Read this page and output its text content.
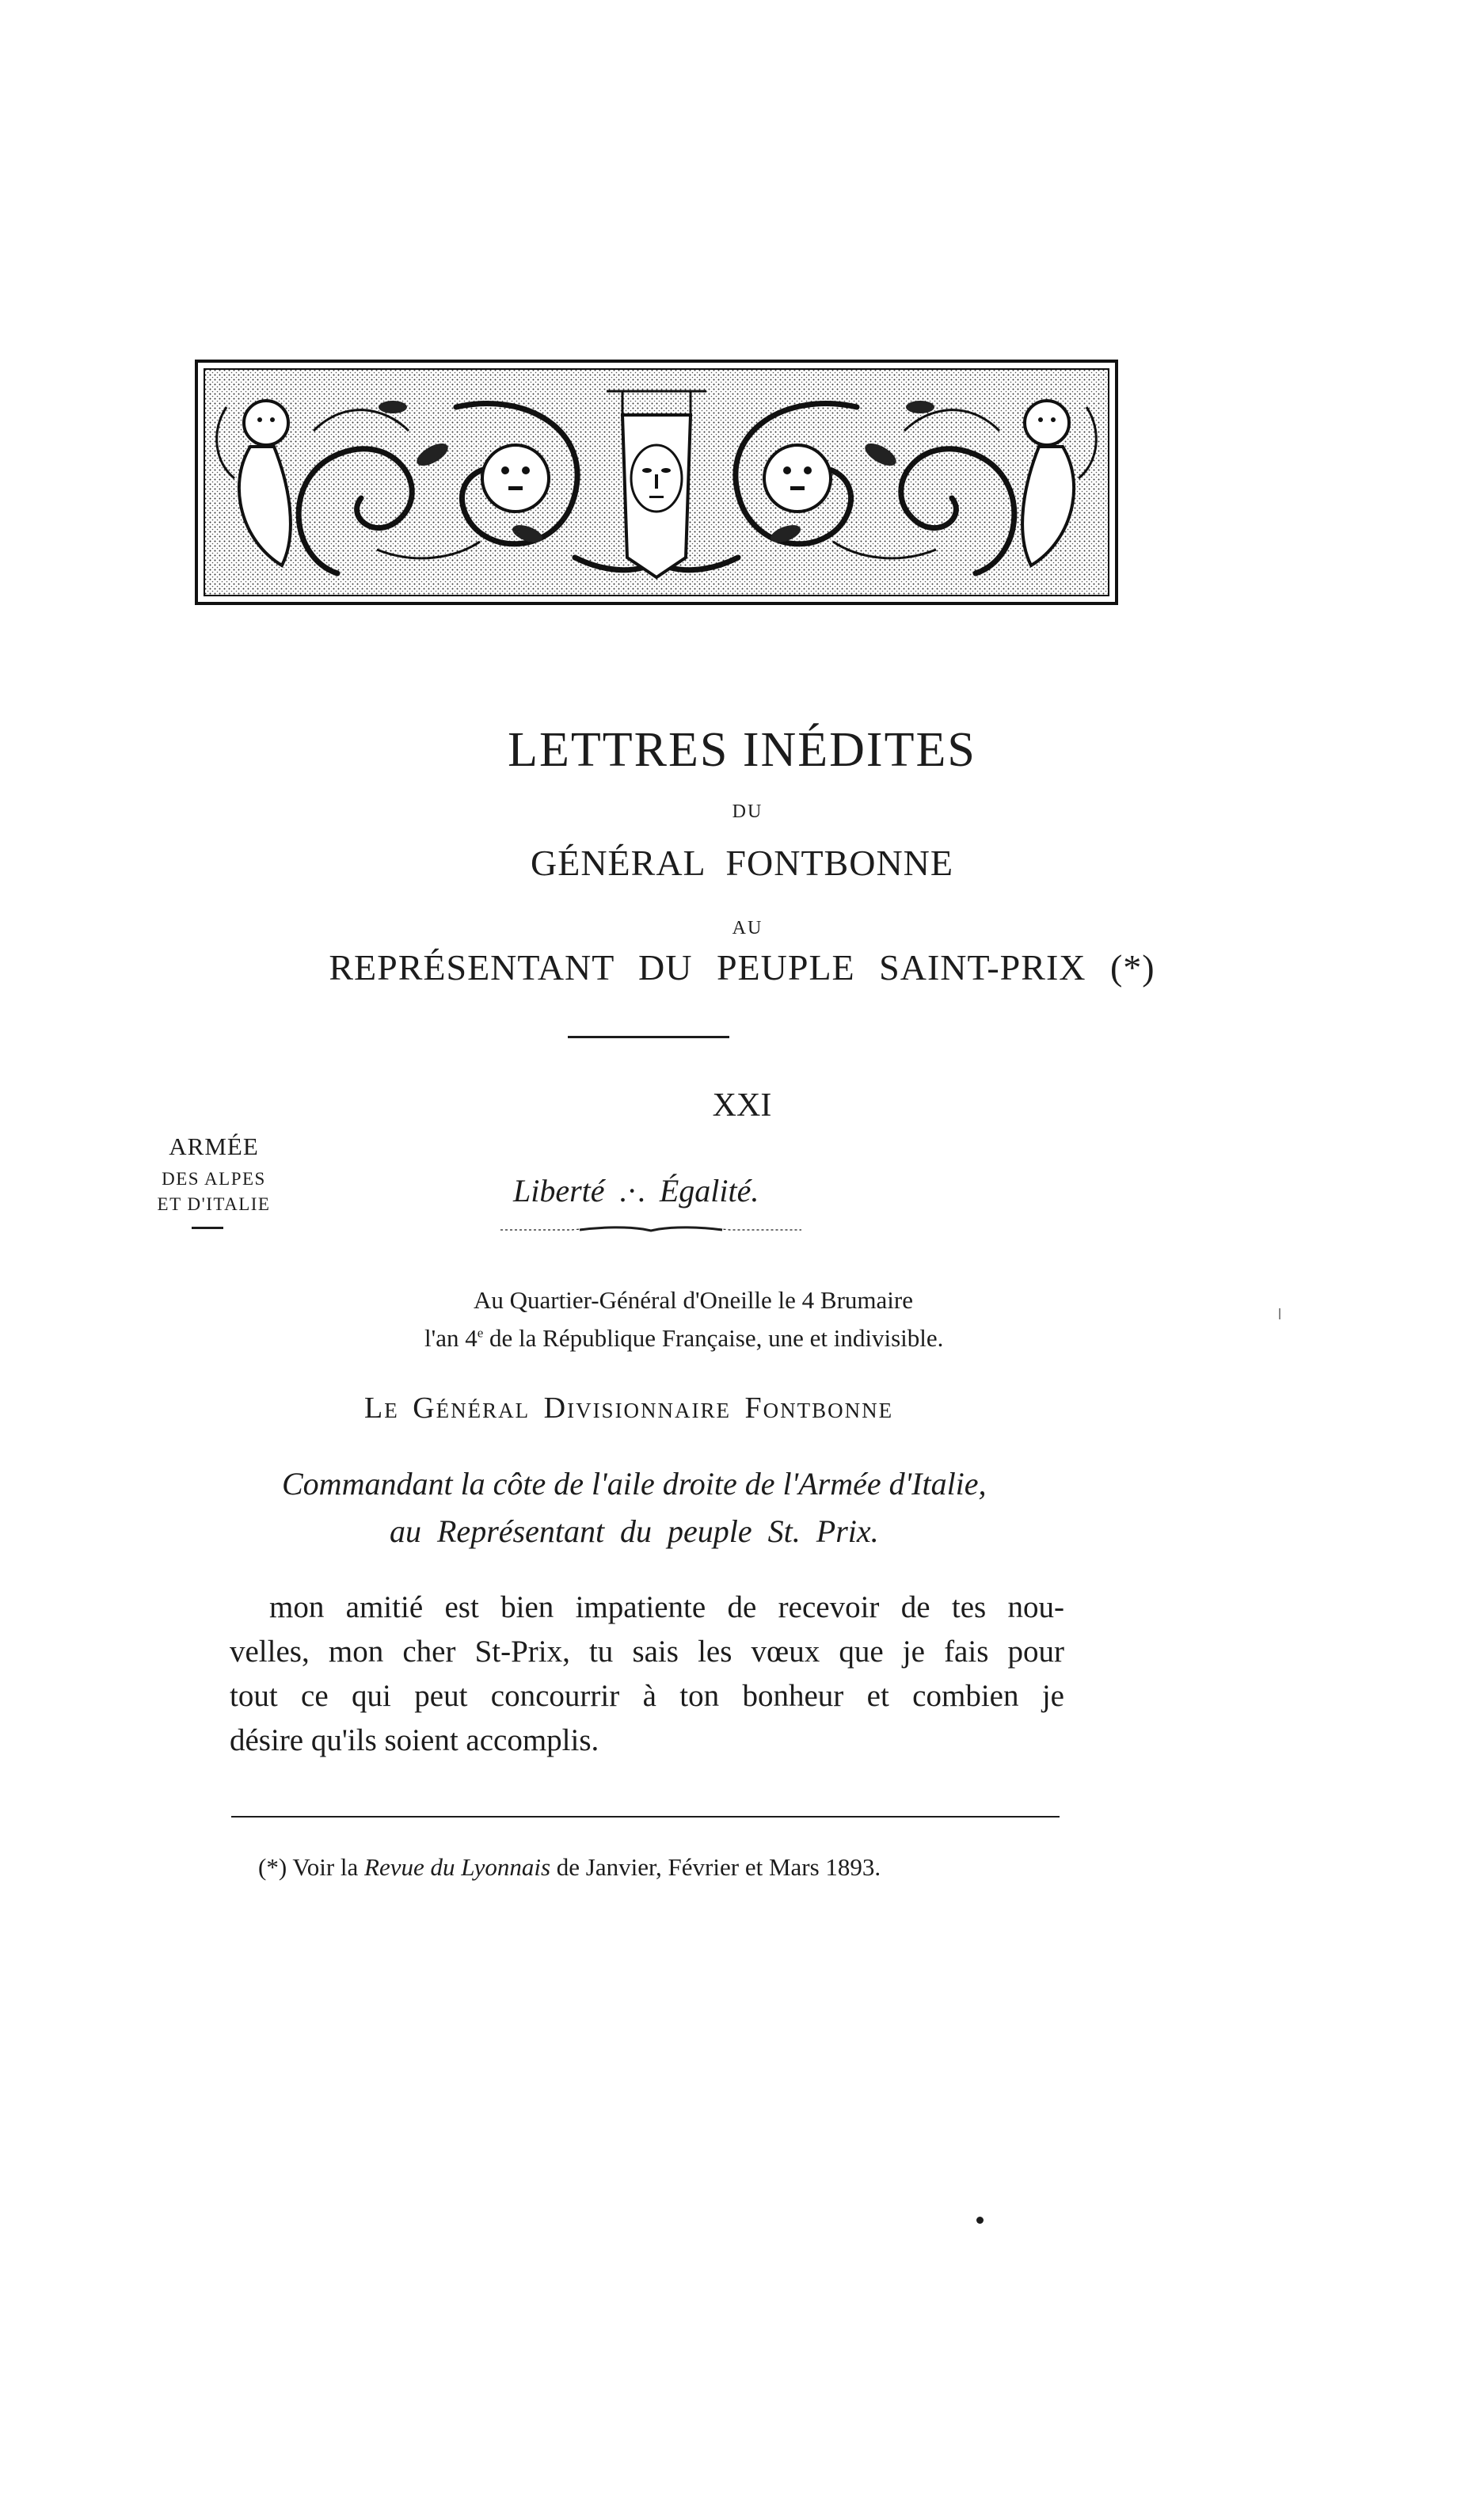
LETTRES INÉDITES
DU
GÉNÉRAL FONTBONNE
AU
REPRÉSENTANT DU PEUPLE SAINT-PRIX (*)
XXI
ARMÉE
DES ALPES
ET D'ITALIE	Liberté .·. Égalité.
Au Quartier-Général d'Oneille le 4 Brumaire
l'an 4e de la République Française, une et indivisible.
Le Général Divisionnaire Fontbonne
Commandant la côte de l'aile droite de l'Armée d'Italie,
au Représentant du peuple St. Prix.
mon amitié est bien impatiente de recevoir de tes nou-
velles, mon cher St-Prix, tu sais les vœux que je fais pour
tout ce qui peut concourrir à ton bonheur et combien je
désire qu'ils soient accomplis.
(*) Voir la Revue du Lyonnais de Janvier, Février et Mars 1893.
